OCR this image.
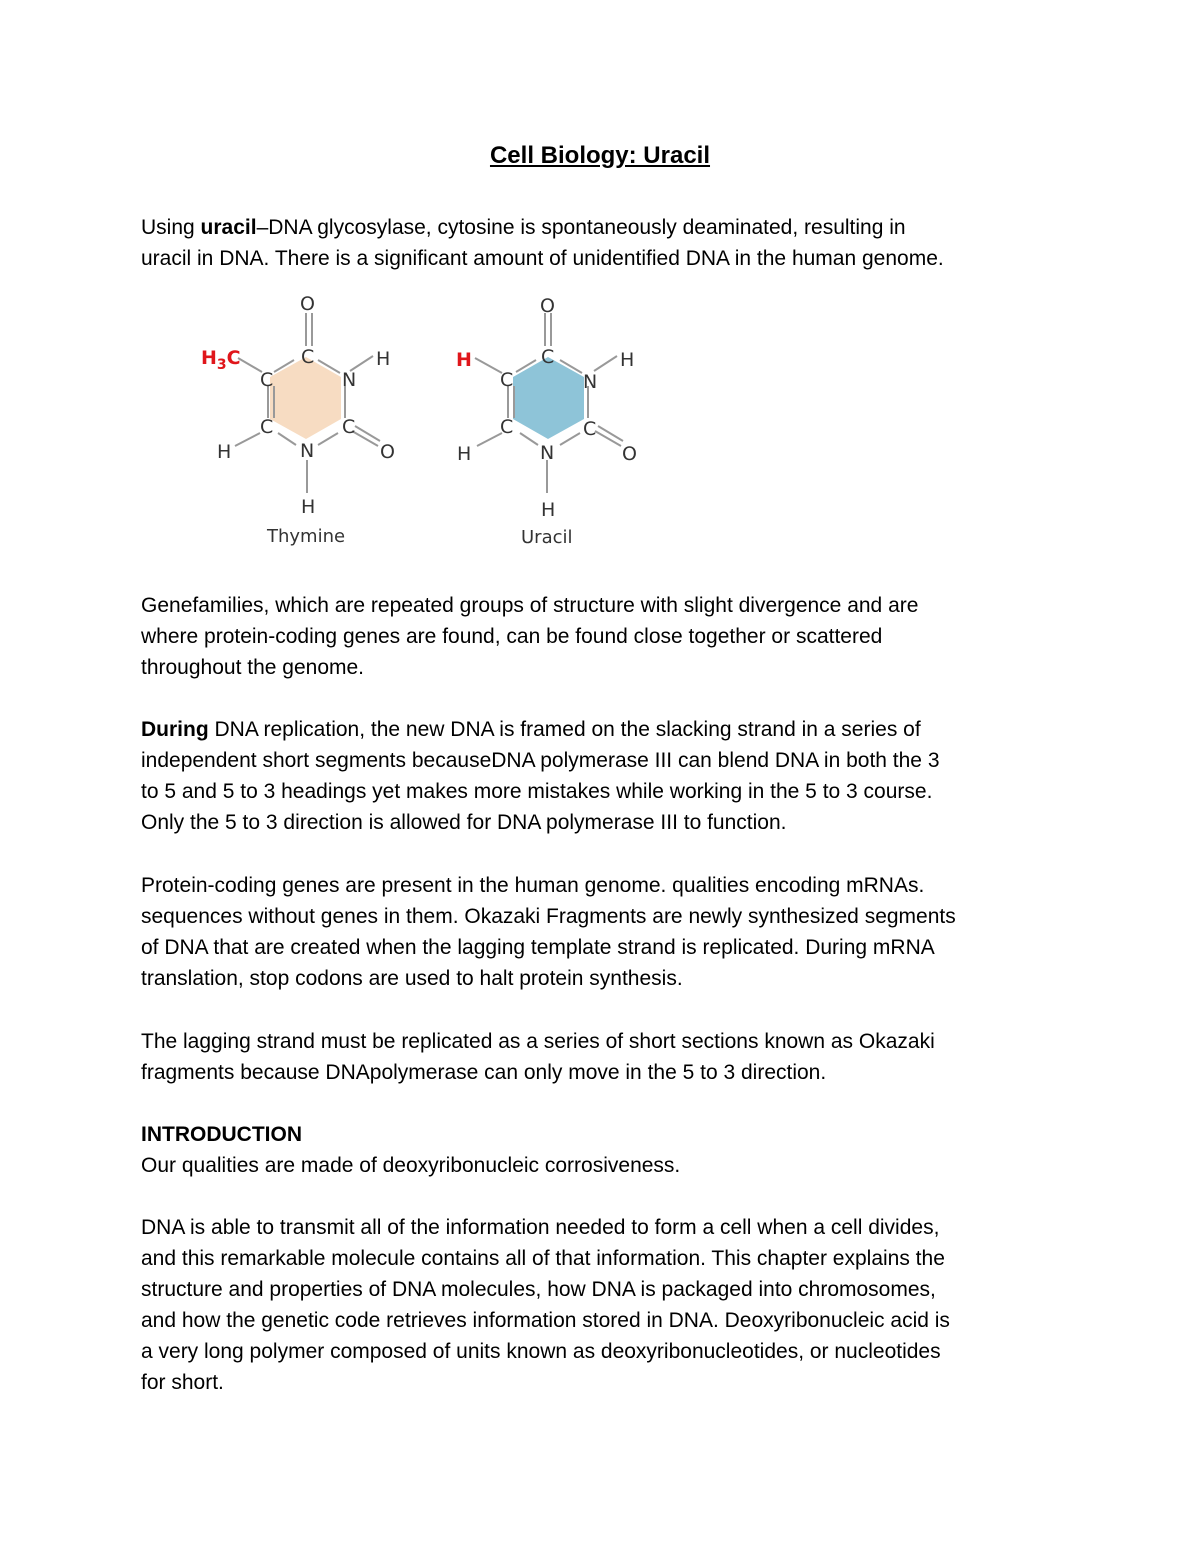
Cell Biology: Uracil

Using uracil–DNA glycosylase, cytosine is spontaneously deaminated, resulting in
uracil in DNA. There is a significant amount of unidentified DNA in the human genome.

O
C
N
H
C
C	C
N	O
H
H
$H_3C$
Thymine
O
C
N
H
C
C	C
N	O
H
H
H
Uracil

Genefamilies, which are repeated groups of structure with slight divergence and are
where protein-coding genes are found, can be found close together or scattered
throughout the genome.

During DNA replication, the new DNA is framed on the slacking strand in a series of
independent short segments becauseDNA polymerase III can blend DNA in both the 3
to 5 and 5 to 3 headings yet makes more mistakes while working in the 5 to 3 course.
Only the 5 to 3 direction is allowed for DNA polymerase III to function.

Protein-coding genes are present in the human genome. qualities encoding mRNAs.
sequences without genes in them. Okazaki Fragments are newly synthesized segments
of DNA that are created when the lagging template strand is replicated. During mRNA
translation, stop codons are used to halt protein synthesis.

The lagging strand must be replicated as a series of short sections known as Okazaki
fragments because DNApolymerase can only move in the 5 to 3 direction.

INTRODUCTION
Our qualities are made of deoxyribonucleic corrosiveness.

DNA is able to transmit all of the information needed to form a cell when a cell divides,
and this remarkable molecule contains all of that information. This chapter explains the
structure and properties of DNA molecules, how DNA is packaged into chromosomes,
and how the genetic code retrieves information stored in DNA. Deoxyribonucleic acid is
a very long polymer composed of units known as deoxyribonucleotides, or nucleotides
for short.
